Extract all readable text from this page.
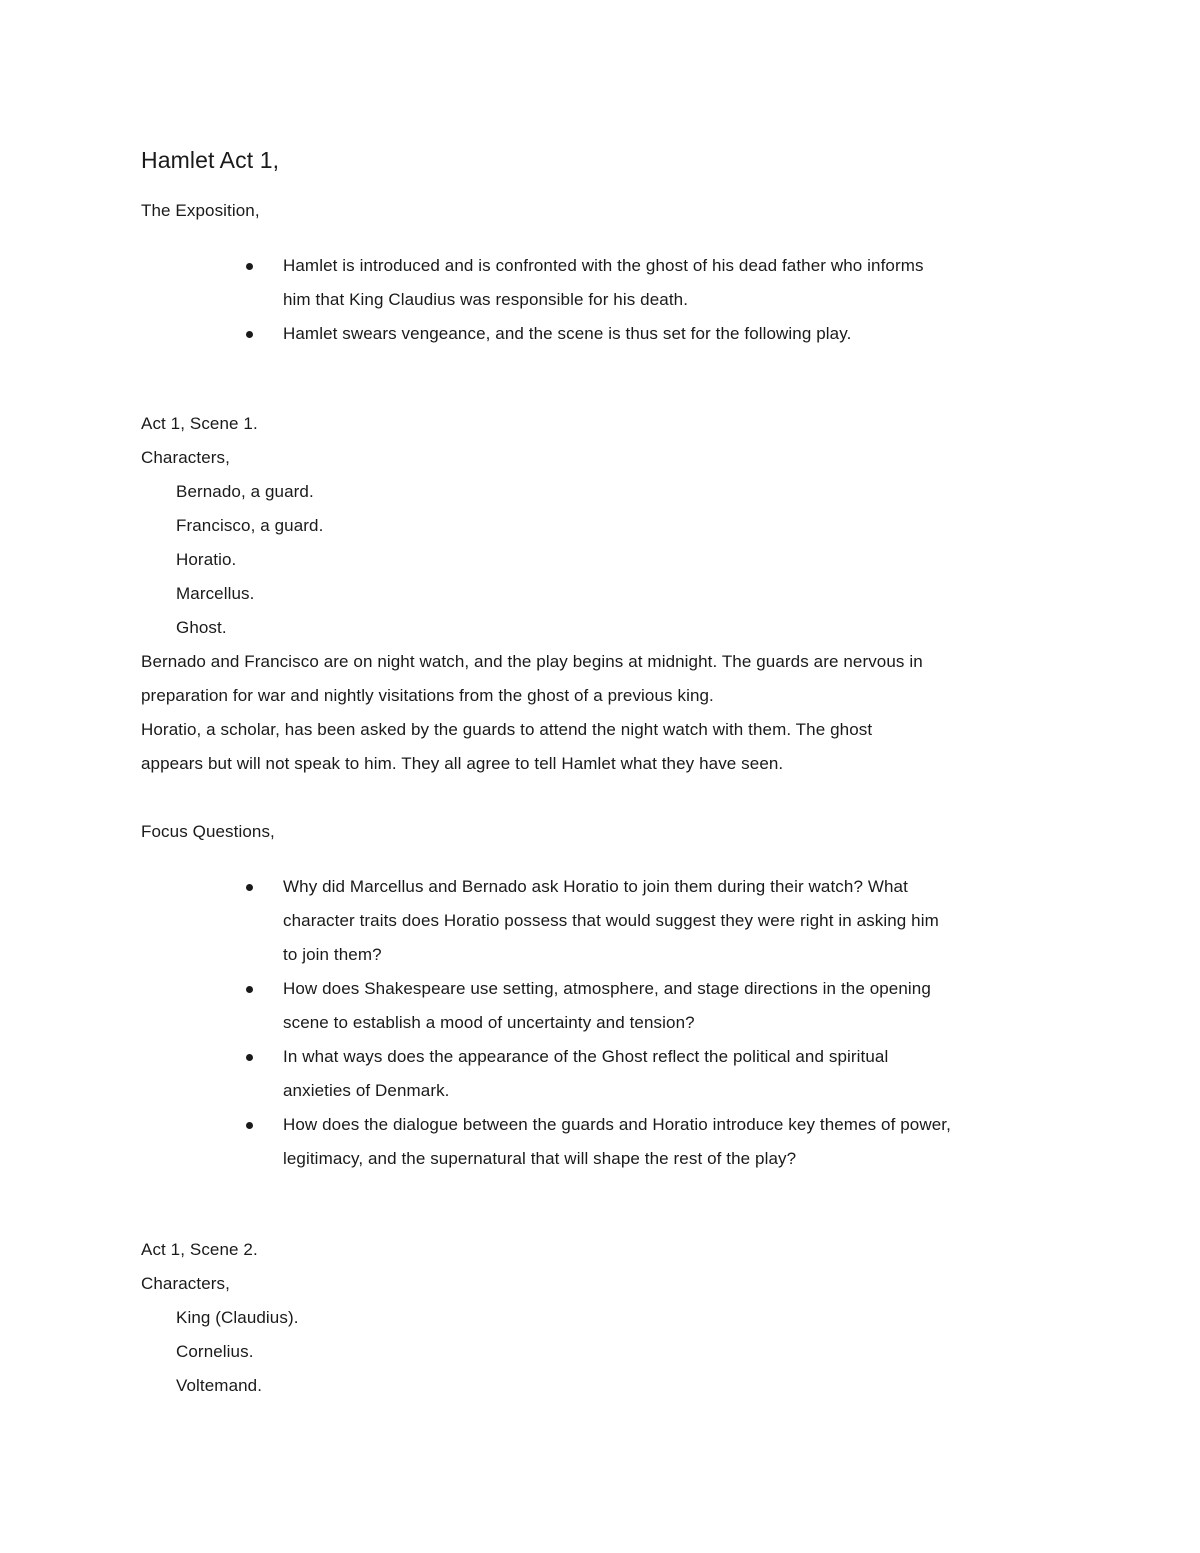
Hamlet Act 1,
The Exposition,
Hamlet is introduced and is confronted with the ghost of his dead father who informs
him that King Claudius was responsible for his death.
Hamlet swears vengeance, and the scene is thus set for the following play.
Act 1, Scene 1.
Characters,
Bernado, a guard.
Francisco, a guard.
Horatio.
Marcellus.
Ghost.
Bernado and Francisco are on night watch, and the play begins at midnight. The guards are nervous in
preparation for war and nightly visitations from the ghost of a previous king.
Horatio, a scholar, has been asked by the guards to attend the night watch with them. The ghost
appears but will not speak to him. They all agree to tell Hamlet what they have seen.
Focus Questions,
Why did Marcellus and Bernado ask Horatio to join them during their watch? What
character traits does Horatio possess that would suggest they were right in asking him
to join them?
How does Shakespeare use setting, atmosphere, and stage directions in the opening
scene to establish a mood of uncertainty and tension?
In what ways does the appearance of the Ghost reflect the political and spiritual
anxieties of Denmark.
How does the dialogue between the guards and Horatio introduce key themes of power,
legitimacy, and the supernatural that will shape the rest of the play?
Act 1, Scene 2.
Characters,
King (Claudius).
Cornelius.
Voltemand.
